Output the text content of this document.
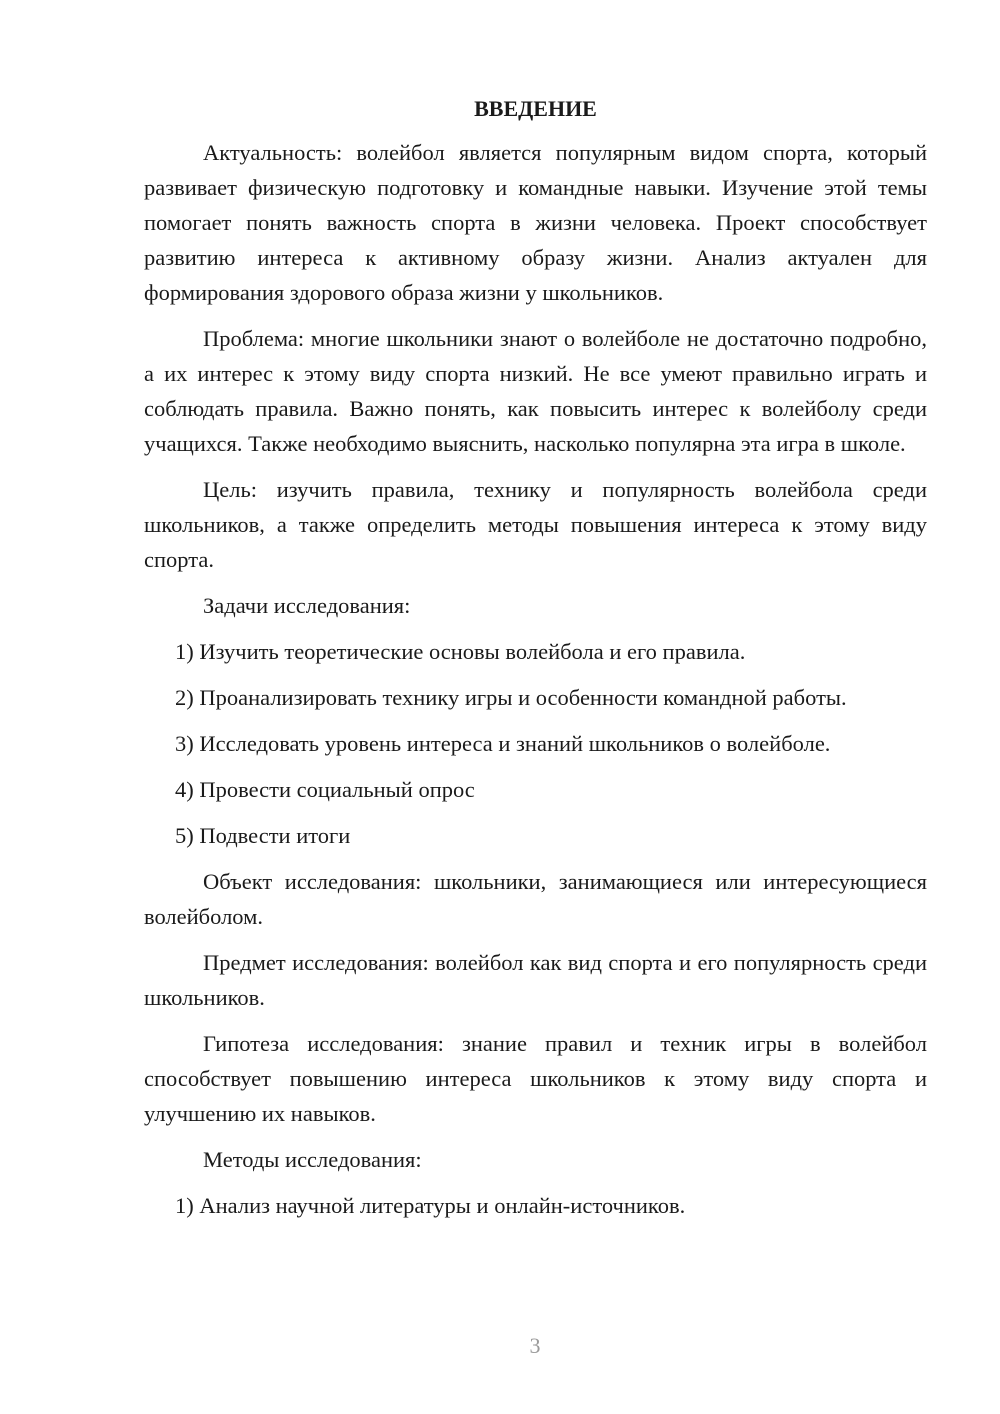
ВВЕДЕНИЕ

Актуальность: волейбол является популярным видом спорта, который развивает физическую подготовку и командные навыки. Изучение этой темы помогает понять важность спорта в жизни человека. Проект способствует развитию интереса к активному образу жизни. Анализ актуален для формирования здорового образа жизни у школьников.

Проблема: многие школьники знают о волейболе не достаточно подробно, а их интерес к этому виду спорта низкий. Не все умеют правильно играть и соблюдать правила. Важно понять, как повысить интерес к волейболу среди учащихся. Также необходимо выяснить, насколько популярна эта игра в школе.

Цель: изучить правила, технику и популярность волейбола среди школьников, а также определить методы повышения интереса к этому виду спорта.

Задачи исследования:

1) Изучить теоретические основы волейбола и его правила.
2) Проанализировать технику игры и особенности командной работы.
3) Исследовать уровень интереса и знаний школьников о волейболе.
4) Провести социальный опрос
5) Подвести итоги

Объект исследования: школьники, занимающиеся или интересующиеся волейболом.

Предмет исследования: волейбол как вид спорта и его популярность среди школьников.

Гипотеза исследования: знание правил и техник игры в волейбол способствует повышению интереса школьников к этому виду спорта и улучшению их навыков.

Методы исследования:

1) Анализ научной литературы и онлайн-источников.
3
